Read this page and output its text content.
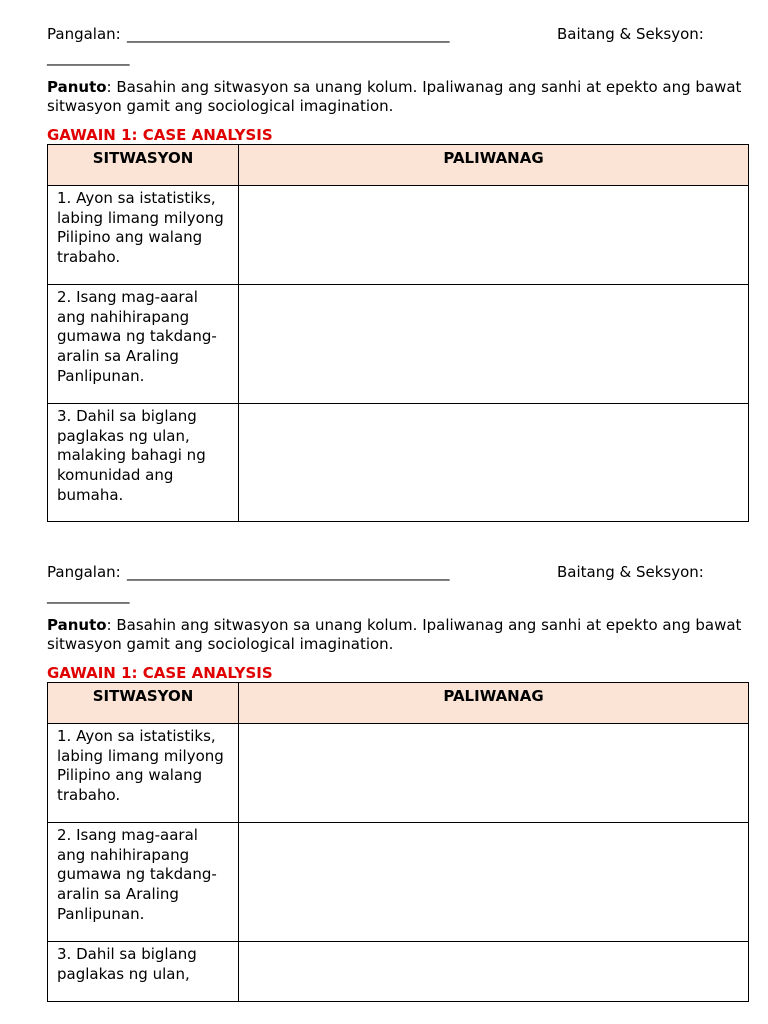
Pangalan: ___________________________________________	Baitang & Seksyon:
___________
Panuto: Basahin ang sitwasyon sa unang kolum. Ipaliwanag ang sanhi at epekto ang bawat sitwasyon gamit ang sociological imagination.
GAWAIN 1: CASE ANALYSIS
SITWASYON	PALIWANAG
1. Ayon sa istatistiks, labing limang milyong Pilipino ang walang trabaho.	
2. Isang mag-aaral ang nahihirapang gumawa ng takdang-aralin sa Araling Panlipunan.	
3. Dahil sa biglang paglakas ng ulan, malaking bahagi ng komunidad ang bumaha.	
Pangalan: ___________________________________________	Baitang & Seksyon:
___________
Panuto: Basahin ang sitwasyon sa unang kolum. Ipaliwanag ang sanhi at epekto ang bawat sitwasyon gamit ang sociological imagination.
GAWAIN 1: CASE ANALYSIS
SITWASYON	PALIWANAG
1. Ayon sa istatistiks, labing limang milyong Pilipino ang walang trabaho.	
2. Isang mag-aaral ang nahihirapang gumawa ng takdang-aralin sa Araling Panlipunan.	
3. Dahil sa biglang paglakas ng ulan,	
